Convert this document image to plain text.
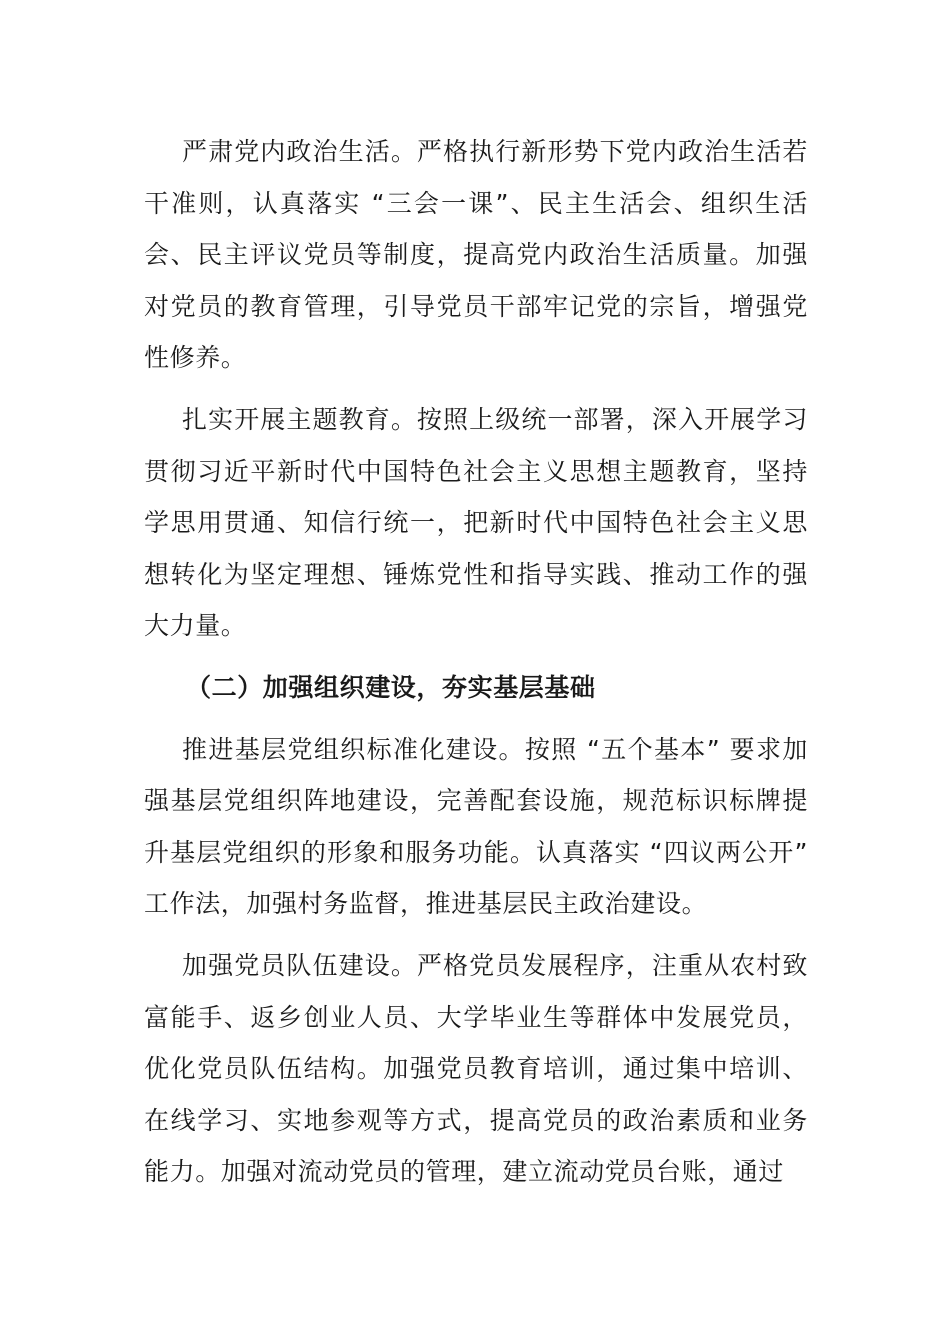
严肃党内政治生活。严格执行新形势下党内政治生活若干准则，认真落实 “三会一课”、民主生活会、组织生活会、民主评议党员等制度，提高党内政治生活质量。加强对党员的教育管理，引导党员干部牢记党的宗旨，增强党性修养。

扎实开展主题教育。按照上级统一部署，深入开展学习贯彻习近平新时代中国特色社会主义思想主题教育，坚持学思用贯通、知信行统一，把新时代中国特色社会主义思想转化为坚定理想、锤炼党性和指导实践、推动工作的强大力量。

（二）加强组织建设，夯实基层基础

推进基层党组织标准化建设。按照 “五个基本” 要求加强基层党组织阵地建设，完善配套设施，规范标识标牌提升基层党组织的形象和服务功能。认真落实 “四议两公开” 工作法，加强村务监督，推进基层民主政治建设。

加强党员队伍建设。严格党员发展程序，注重从农村致富能手、返乡创业人员、大学毕业生等群体中发展党员，优化党员队伍结构。加强党员教育培训，通过集中培训、在线学习、实地参观等方式，提高党员的政治素质和业务能力。加强对流动党员的管理，建立流动党员台账，通过
